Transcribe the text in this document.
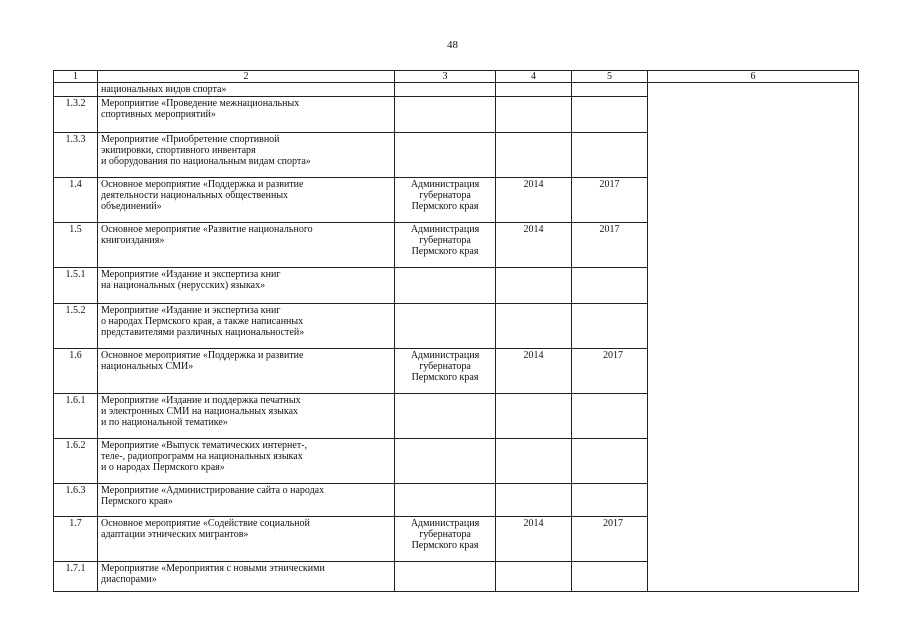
48
1	2	3	4	5	6
	национальных видов спорта»				
1.3.2	Мероприятие «Проведение межнациональных
спортивных мероприятий»				
1.3.3	Мероприятие «Приобретение спортивной
экипировки, спортивного инвентаря
и оборудования по национальным видам спорта»				
1.4	Основное мероприятие «Поддержка и развитие
деятельности национальных общественных
объединений»	Администрация
губернатора
Пермского края	2014	2017	
1.5	Основное мероприятие «Развитие национального
книгоиздания»	Администрация
губернатора
Пермского края	2014	2017	
1.5.1	Мероприятие «Издание и экспертиза книг
на национальных (нерусских) языках»				
1.5.2	Мероприятие «Издание и экспертиза книг
о народах Пермского края, а также написанных
представителями различных национальностей»				
1.6	Основное мероприятие «Поддержка и развитие
национальных СМИ»	Администрация
губернатора
Пермского края	2014	2017	
1.6.1	Мероприятие «Издание и поддержка печатных
и электронных СМИ на национальных языках
и по национальной тематике»				
1.6.2	Мероприятие «Выпуск тематических интернет-,
теле-, радиопрограмм на национальных языках
и о народах Пермского края»				
1.6.3	Мероприятие «Администрирование сайта о народах
Пермского края»				
1.7	Основное мероприятие «Содействие социальной
адаптации этнических мигрантов»	Администрация
губернатора
Пермского края	2014	2017	
1.7.1	Мероприятие «Мероприятия с новыми этническими
диаспорами»				
